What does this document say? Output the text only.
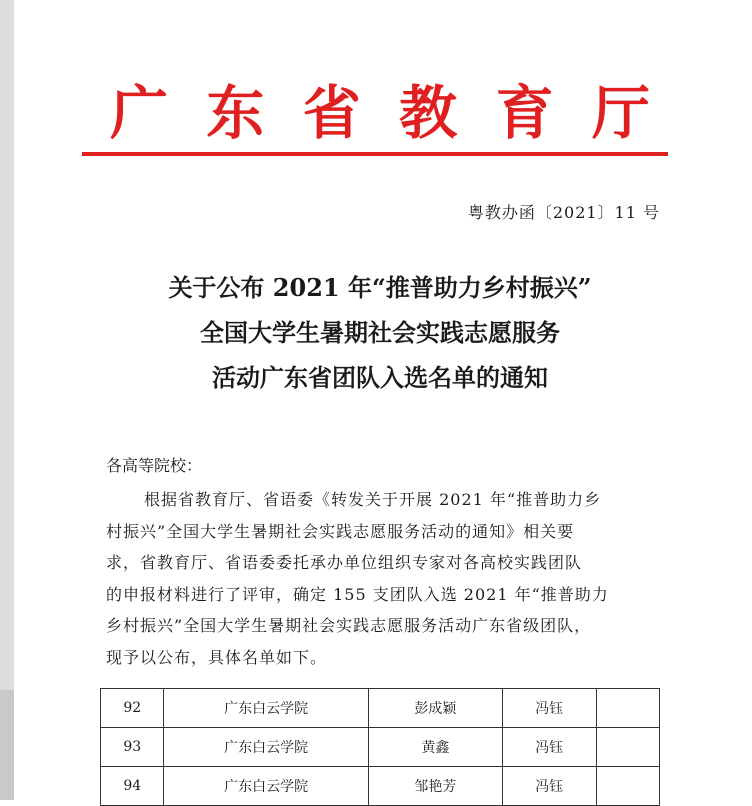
广 东 省 教 育 厅
粤教办函〔2021〕11 号
关于公布 2021 年“推普助力乡村振兴”
全国大学生暑期社会实践志愿服务
活动广东省团队入选名单的通知
各高等院校：
根据省教育厅、省语委《转发关于开展 2021 年“推普助力乡
村振兴”全国大学生暑期社会实践志愿服务活动的通知》相关要
求，省教育厅、省语委委托承办单位组织专家对各高校实践团队
的申报材料进行了评审，确定 155 支团队入选 2021 年“推普助力
乡村振兴”全国大学生暑期社会实践志愿服务活动广东省级团队，
现予以公布，具体名单如下。
92	广东白云学院	彭成颖	冯钰	
93	广东白云学院	黄鑫	冯钰	
94	广东白云学院	邹艳芳	冯钰	
